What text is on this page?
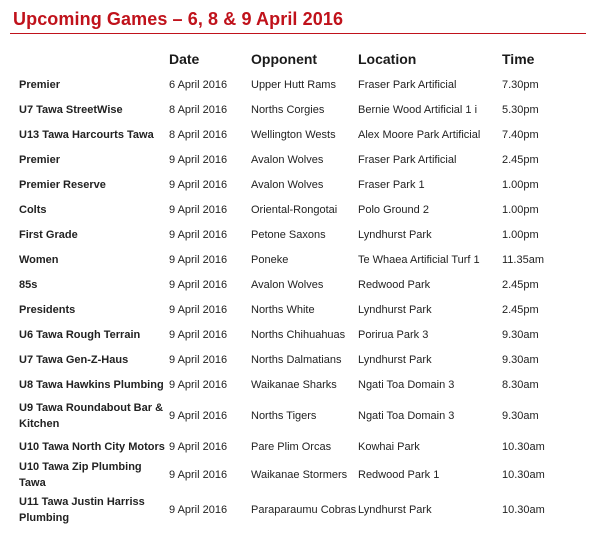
Upcoming Games – 6, 8 & 9 April 2016
	Date	Opponent	Location	Time
Premier	6 April 2016	Upper Hutt Rams	Fraser Park Artificial	7.30pm
U7 Tawa StreetWise	8 April 2016	Norths Corgies	Bernie Wood Artificial 1 i	5.30pm
U13 Tawa Harcourts Tawa	8 April 2016	Wellington Wests	Alex Moore Park Artificial	7.40pm
Premier	9 April 2016	Avalon Wolves	Fraser Park Artificial	2.45pm
Premier Reserve	9 April 2016	Avalon Wolves	Fraser Park 1	1.00pm
Colts	9 April 2016	Oriental-Rongotai	Polo Ground 2	1.00pm
First Grade	9 April 2016	Petone Saxons	Lyndhurst Park	1.00pm
Women	9 April 2016	Poneke	Te Whaea Artificial Turf 1	11.35am
85s	9 April 2016	Avalon Wolves	Redwood Park	2.45pm
Presidents	9 April 2016	Norths White	Lyndhurst Park	2.45pm
U6 Tawa Rough Terrain	9 April 2016	Norths Chihuahuas	Porirua Park 3	9.30am
U7 Tawa Gen-Z-Haus	9 April 2016	Norths Dalmatians	Lyndhurst Park	9.30am
U8 Tawa Hawkins Plumbing	9 April 2016	Waikanae Sharks	Ngati Toa Domain 3	8.30am
U9 Tawa Roundabout Bar & Kitchen	9 April 2016	Norths Tigers	Ngati Toa Domain 3	9.30am
U10 Tawa North City Motors	9 April 2016	Pare Plim Orcas	Kowhai Park	10.30am
U10 Tawa Zip Plumbing Tawa	9 April 2016	Waikanae Stormers	Redwood Park 1	10.30am
U11 Tawa Justin Harriss Plumbing	9 April 2016	Paraparaumu Cobras	Lyndhurst Park	10.30am
